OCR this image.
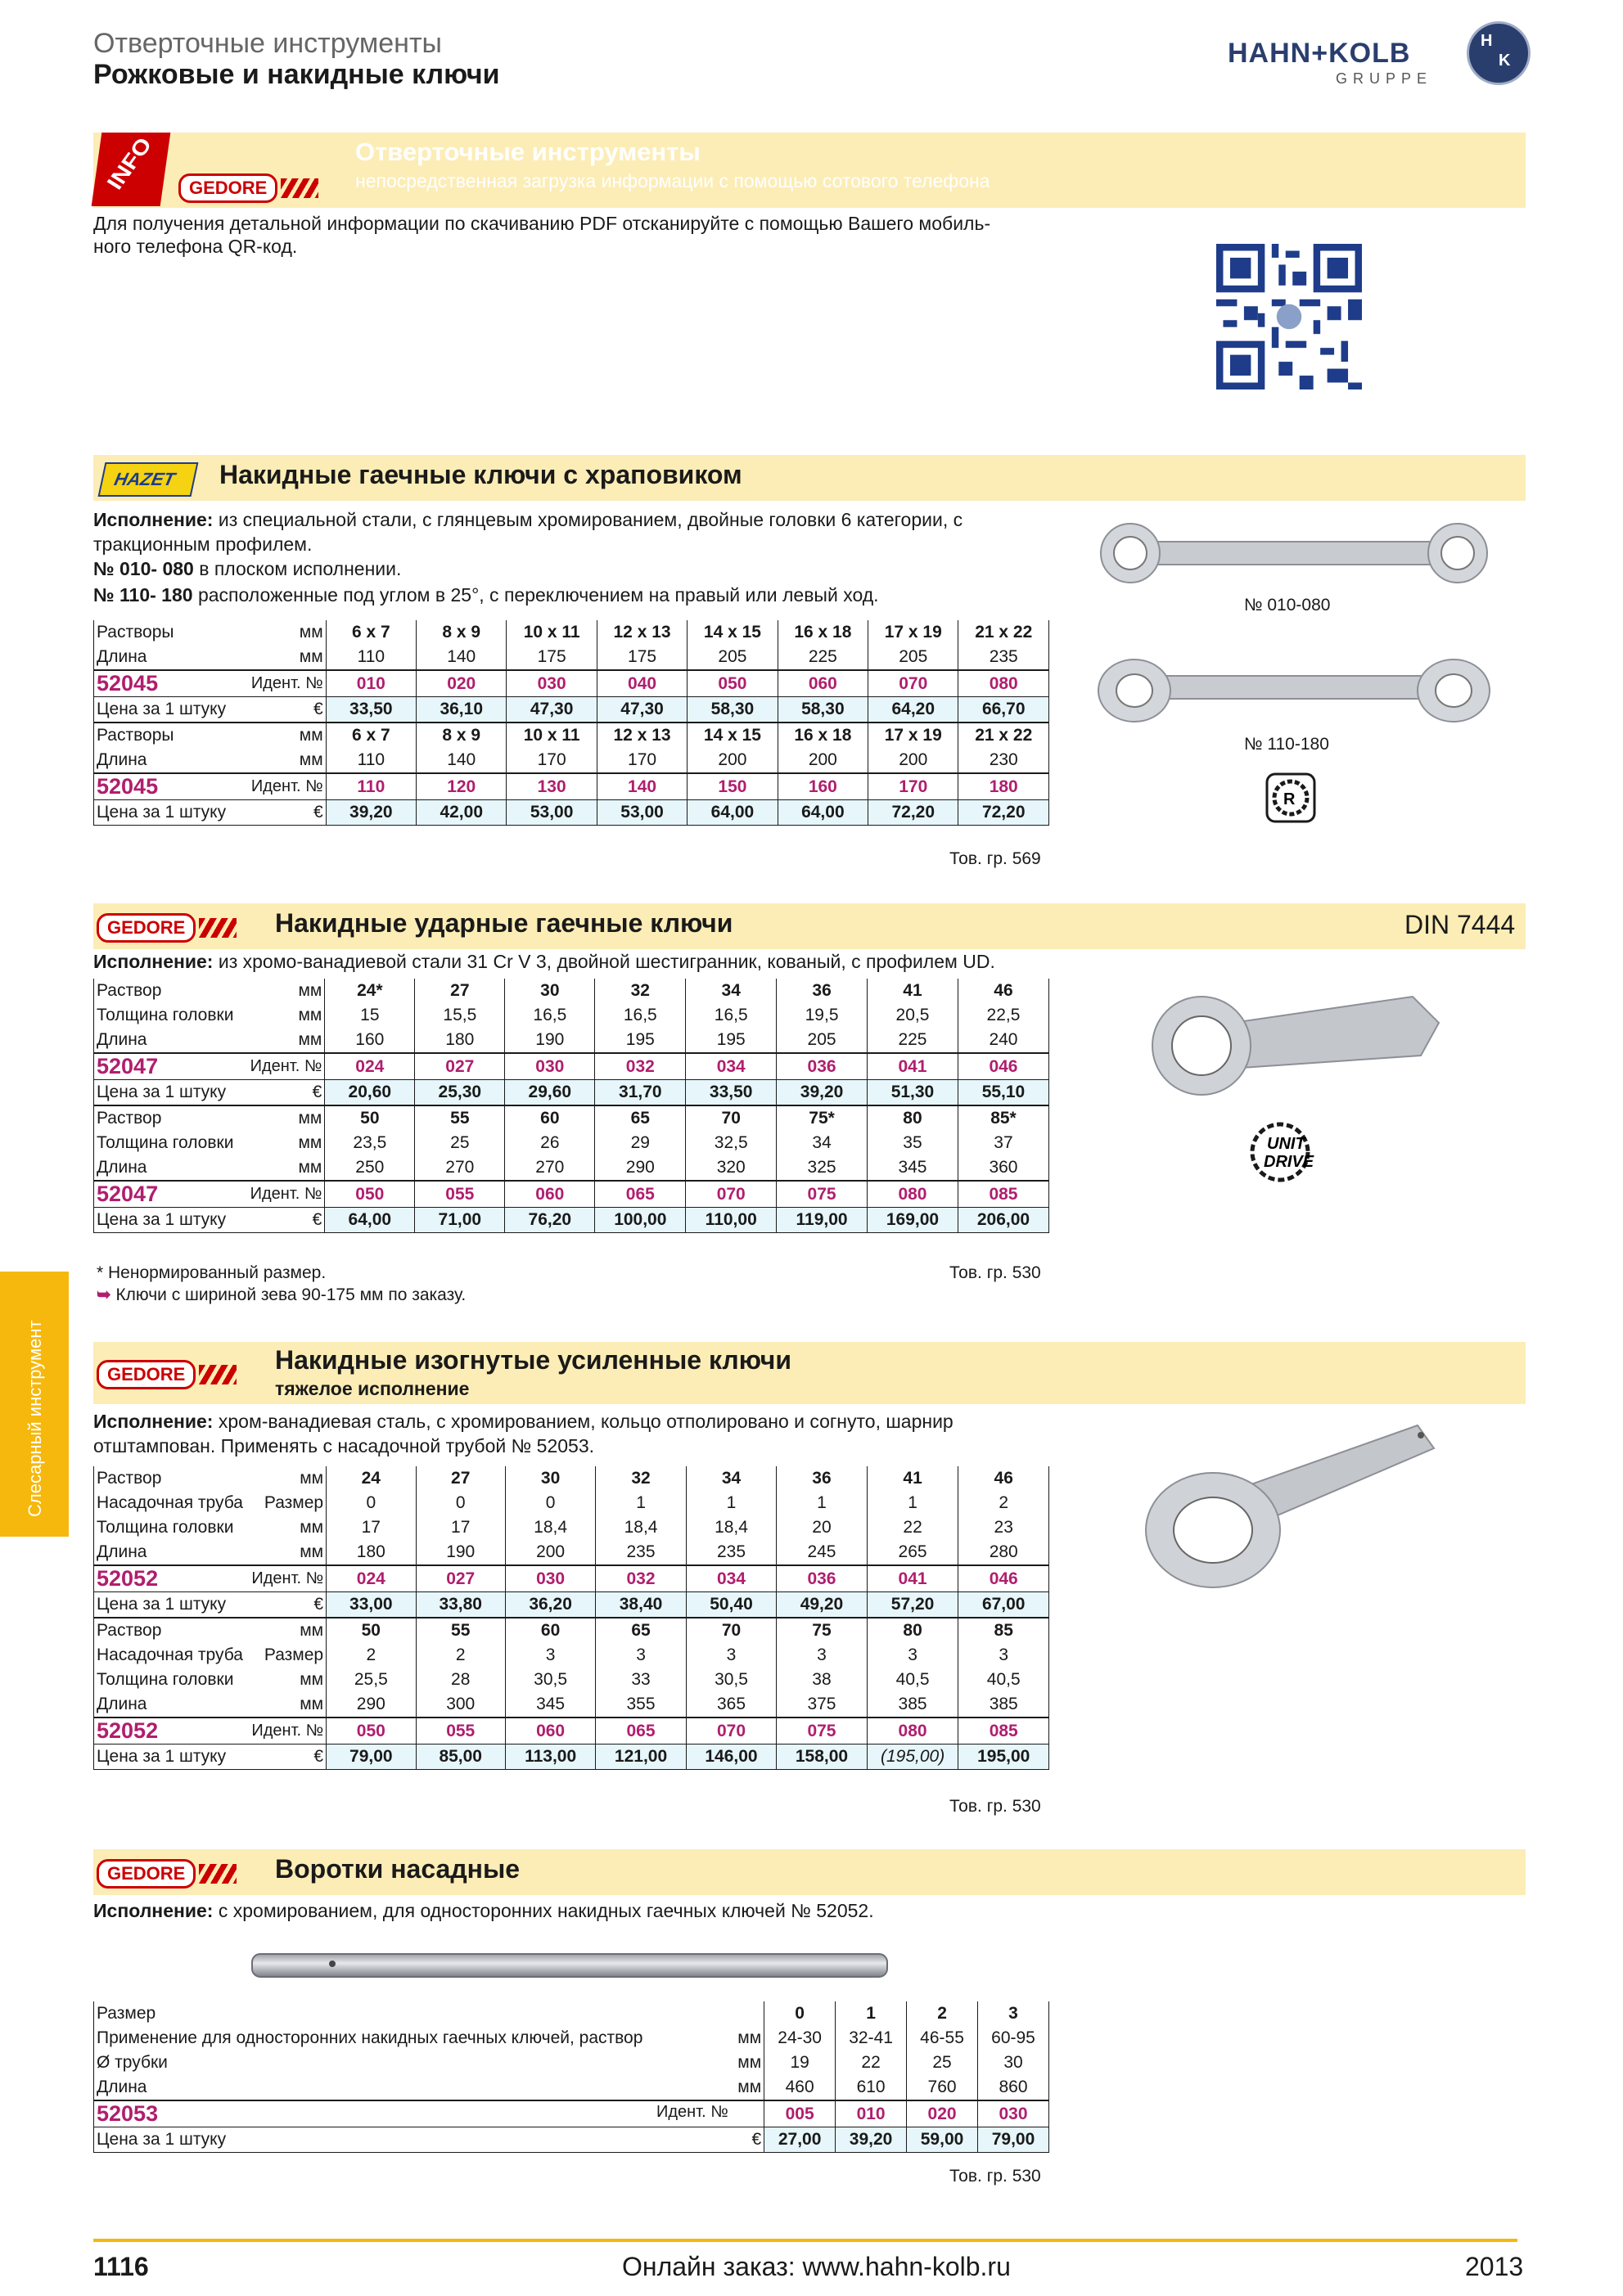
Отверточные инструменты
Рожковые и накидные ключи
HAHN+KOLB
GRUPPE
H
K
INFO	GEDORE
Отверточные инструменты
непосредственная загрузка информации с помощью сотового телефона
Для получения детальной информации по скачиванию PDF отсканируйте с помощью Вашего мобиль-
ного телефона QR-код.
HAZET Накидные гаечные ключи с храповиком
Исполнение: из специальной стали, с глянцевым хромированием, двойные головки 6 категории, с
тракционным профилем.
№ 010- 080 в плоском исполнении.
№ 110- 180 расположенные под углом в 25°, с переключением на правый или левый ход.	№ 010-080
№ 110-180
R
Растворы	мм	6 x 7	8 x 9	10 x 11	12 x 13	14 x 15	16 x 18	17 x 19	21 x 22
Длина	мм	110	140	175	175	205	225	205	235
52045	Идент. №	010	020	030	040	050	060	070	080
Цена за 1 штуку	€	33,50	36,10	47,30	47,30	58,30	58,30	64,20	66,70
Растворы	мм	6 x 7	8 x 9	10 x 11	12 x 13	14 x 15	16 x 18	17 x 19	21 x 22
Длина	мм	110	140	170	170	200	200	200	230
52045	Идент. №	110	120	130	140	150	160	170	180
Цена за 1 штуку	€	39,20	42,00	53,00	53,00	64,00	64,00	72,20	72,20
Тов. гр. 569
GEDORE	Накидные ударные гаечные ключи	DIN 7444
Исполнение: из хромо-ванадиевой стали 31 Cr V 3, двойной шестигранник, кованый, с профилем UD.
UNIT
DRIVE
Раствор	мм	24*	27	30	32	34	36	41	46
Толщина головки	мм	15	15,5	16,5	16,5	16,5	19,5	20,5	22,5
Длина	мм	160	180	190	195	195	205	225	240
52047	Идент. №	024	027	030	032	034	036	041	046
Цена за 1 штуку	€	20,60	25,30	29,60	31,70	33,50	39,20	51,30	55,10
Раствор	мм	50	55	60	65	70	75*	80	85*
Толщина головки	мм	23,5	25	26	29	32,5	34	35	37
Длина	мм	250	270	270	290	320	325	345	360
52047	Идент. №	050	055	060	065	070	075	080	085
Цена за 1 штуку	€	64,00	71,00	76,20	100,00	110,00	119,00	169,00	206,00
* Ненормированный размер.
➥ Ключи с шириной зева 90-175 мм по заказу.
Тов. гр. 530
GEDORE	Накидные изогнутые усиленные ключи
тяжелое исполнение
Исполнение: хром-ванадиевая сталь, с хромированием, кольцо отполировано и согнуто, шарнир
отштампован. Применять с насадочной трубой № 52053.
Раствор	мм	24	27	30	32	34	36	41	46
Насадочная труба	Размер	0	0	0	1	1	1	1	2
Толщина головки	мм	17	17	18,4	18,4	18,4	20	22	23
Длина	мм	180	190	200	235	235	245	265	280
52052	Идент. №	024	027	030	032	034	036	041	046
Цена за 1 штуку	€	33,00	33,80	36,20	38,40	50,40	49,20	57,20	67,00
Раствор	мм	50	55	60	65	70	75	80	85
Насадочная труба	Размер	2	2	3	3	3	3	3	3
Толщина головки	мм	25,5	28	30,5	33	30,5	38	40,5	40,5
Длина	мм	290	300	345	355	365	375	385	385
52052	Идент. №	050	055	060	065	070	075	080	085
Цена за 1 штуку	€	79,00	85,00	113,00	121,00	146,00	158,00	(195,00)	195,00
Тов. гр. 530
GEDORE	Воротки насадные
Исполнение: с хромированием, для односторонних накидных гаечных ключей № 52052.
Размер		0	1	2	3
Применение для односторонних накидных гаечных ключей, раствор	мм	24-30	32-41	46-55	60-95
Ø трубки	мм	19	22	25	30
Длина	мм	460	610	760	860
52053 Идент. №		005	010	020	030
Цена за 1 штуку	€	27,00	39,20	59,00	79,00
Тов. гр. 530
Слесарный инструмент
1116	Онлайн заказ: www.hahn-kolb.ru	2013
